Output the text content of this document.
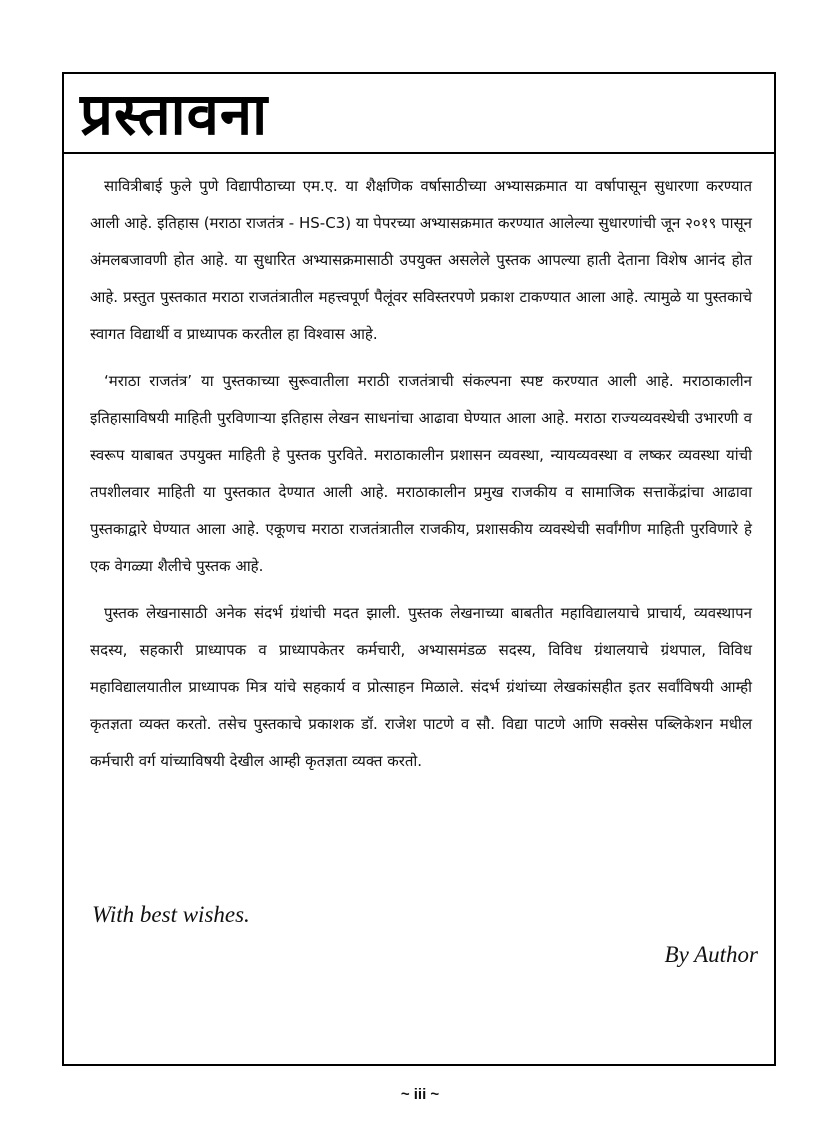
प्रस्तावना

सावित्रीबाई फुले पुणे विद्यापीठाच्या एम.ए. या शैक्षणिक वर्षासाठीच्या अभ्यासक्रमात या वर्षापासून सुधारणा करण्यात आली आहे. इतिहास (मराठा राजतंत्र - HS-C3) या पेपरच्या अभ्यासक्रमात करण्यात आलेल्या सुधारणांची जून २०१९ पासून अंमलबजावणी होत आहे. या सुधारित अभ्यासक्रमासाठी उपयुक्त असलेले पुस्तक आपल्या हाती देताना विशेष आनंद होत आहे. प्रस्तुत पुस्तकात मराठा राजतंत्रातील महत्त्वपूर्ण पैलूंवर सविस्तरपणे प्रकाश टाकण्यात आला आहे. त्यामुळे या पुस्तकाचे स्वागत विद्यार्थी व प्राध्यापक करतील हा विश्वास आहे.

‘मराठा राजतंत्र’ या पुस्तकाच्या सुरूवातीला मराठी राजतंत्राची संकल्पना स्पष्ट करण्यात आली आहे. मराठाकालीन इतिहासाविषयी माहिती पुरविणाऱ्या इतिहास लेखन साधनांचा आढावा घेण्यात आला आहे. मराठा राज्यव्यवस्थेची उभारणी व स्वरूप याबाबत उपयुक्त माहिती हे पुस्तक पुरविते. मराठाकालीन प्रशासन व्यवस्था, न्यायव्यवस्था व लष्कर व्यवस्था यांची तपशीलवार माहिती या पुस्तकात देण्यात आली आहे. मराठाकालीन प्रमुख राजकीय व सामाजिक सत्ताकेंद्रांचा आढावा पुस्तकाद्वारे घेण्यात आला आहे. एकूणच मराठा राजतंत्रातील राजकीय, प्रशासकीय व्यवस्थेची सर्वांगीण माहिती पुरविणारे हे एक वेगळ्या शैलीचे पुस्तक आहे.

पुस्तक लेखनासाठी अनेक संदर्भ ग्रंथांची मदत झाली. पुस्तक लेखनाच्या बाबतीत महाविद्यालयाचे प्राचार्य, व्यवस्थापन सदस्य, सहकारी प्राध्यापक व प्राध्यापकेतर कर्मचारी, अभ्यासमंडळ सदस्य, विविध ग्रंथालयाचे ग्रंथपाल, विविध महाविद्यालयातील प्राध्यापक मित्र यांचे सहकार्य व प्रोत्साहन मिळाले. संदर्भ ग्रंथांच्या लेखकांसहीत इतर सर्वांविषयी आम्ही कृतज्ञता व्यक्त करतो. तसेच पुस्तकाचे प्रकाशक डॉ. राजेश पाटणे व सौ. विद्या पाटणे आणि सक्सेस पब्लिकेशन मधील कर्मचारी वर्ग यांच्याविषयी देखील आम्ही कृतज्ञता व्यक्त करतो.

With best wishes.
By Author
~ iii ~
